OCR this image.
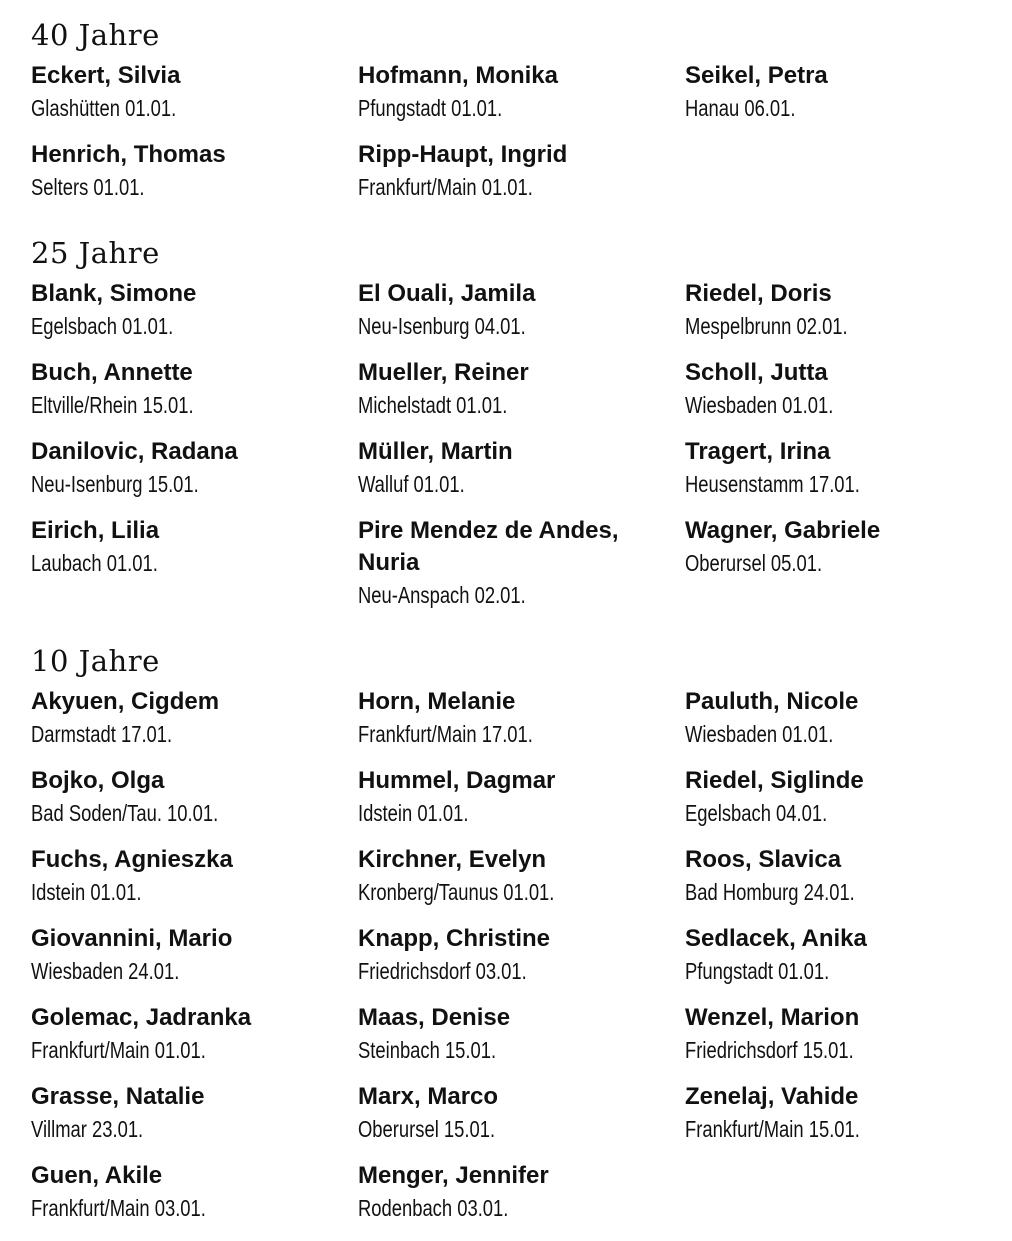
40 Jahre
Eckert, Silvia
Glashütten 01.01.
Henrich, Thomas
Selters 01.01.
Hofmann, Monika
Pfungstadt 01.01.
Ripp-Haupt, Ingrid
Frankfurt/Main 01.01.
Seikel, Petra
Hanau 06.01.
25 Jahre
Blank, Simone
Egelsbach 01.01.
Buch, Annette
Eltville/Rhein 15.01.
Danilovic, Radana
Neu-Isenburg 15.01.
Eirich, Lilia
Laubach 01.01.
El Ouali, Jamila
Neu-Isenburg 04.01.
Mueller, Reiner
Michelstadt 01.01.
Müller, Martin
Walluf 01.01.
Pire Mendez de Andes,
Nuria
Neu-Anspach 02.01.
Riedel, Doris
Mespelbrunn 02.01.
Scholl, Jutta
Wiesbaden 01.01.
Tragert, Irina
Heusenstamm 17.01.
Wagner, Gabriele
Oberursel 05.01.
10 Jahre
Akyuen, Cigdem
Darmstadt 17.01.
Bojko, Olga
Bad Soden/Tau. 10.01.
Fuchs, Agnieszka
Idstein 01.01.
Giovannini, Mario
Wiesbaden 24.01.
Golemac, Jadranka
Frankfurt/Main 01.01.
Grasse, Natalie
Villmar 23.01.
Guen, Akile
Frankfurt/Main 03.01.
Horn, Melanie
Frankfurt/Main 17.01.
Hummel, Dagmar
Idstein 01.01.
Kirchner, Evelyn
Kronberg/Taunus 01.01.
Knapp, Christine
Friedrichsdorf 03.01.
Maas, Denise
Steinbach 15.01.
Marx, Marco
Oberursel 15.01.
Menger, Jennifer
Rodenbach 03.01.
Pauluth, Nicole
Wiesbaden 01.01.
Riedel, Siglinde
Egelsbach 04.01.
Roos, Slavica
Bad Homburg 24.01.
Sedlacek, Anika
Pfungstadt 01.01.
Wenzel, Marion
Friedrichsdorf 15.01.
Zenelaj, Vahide
Frankfurt/Main 15.01.
